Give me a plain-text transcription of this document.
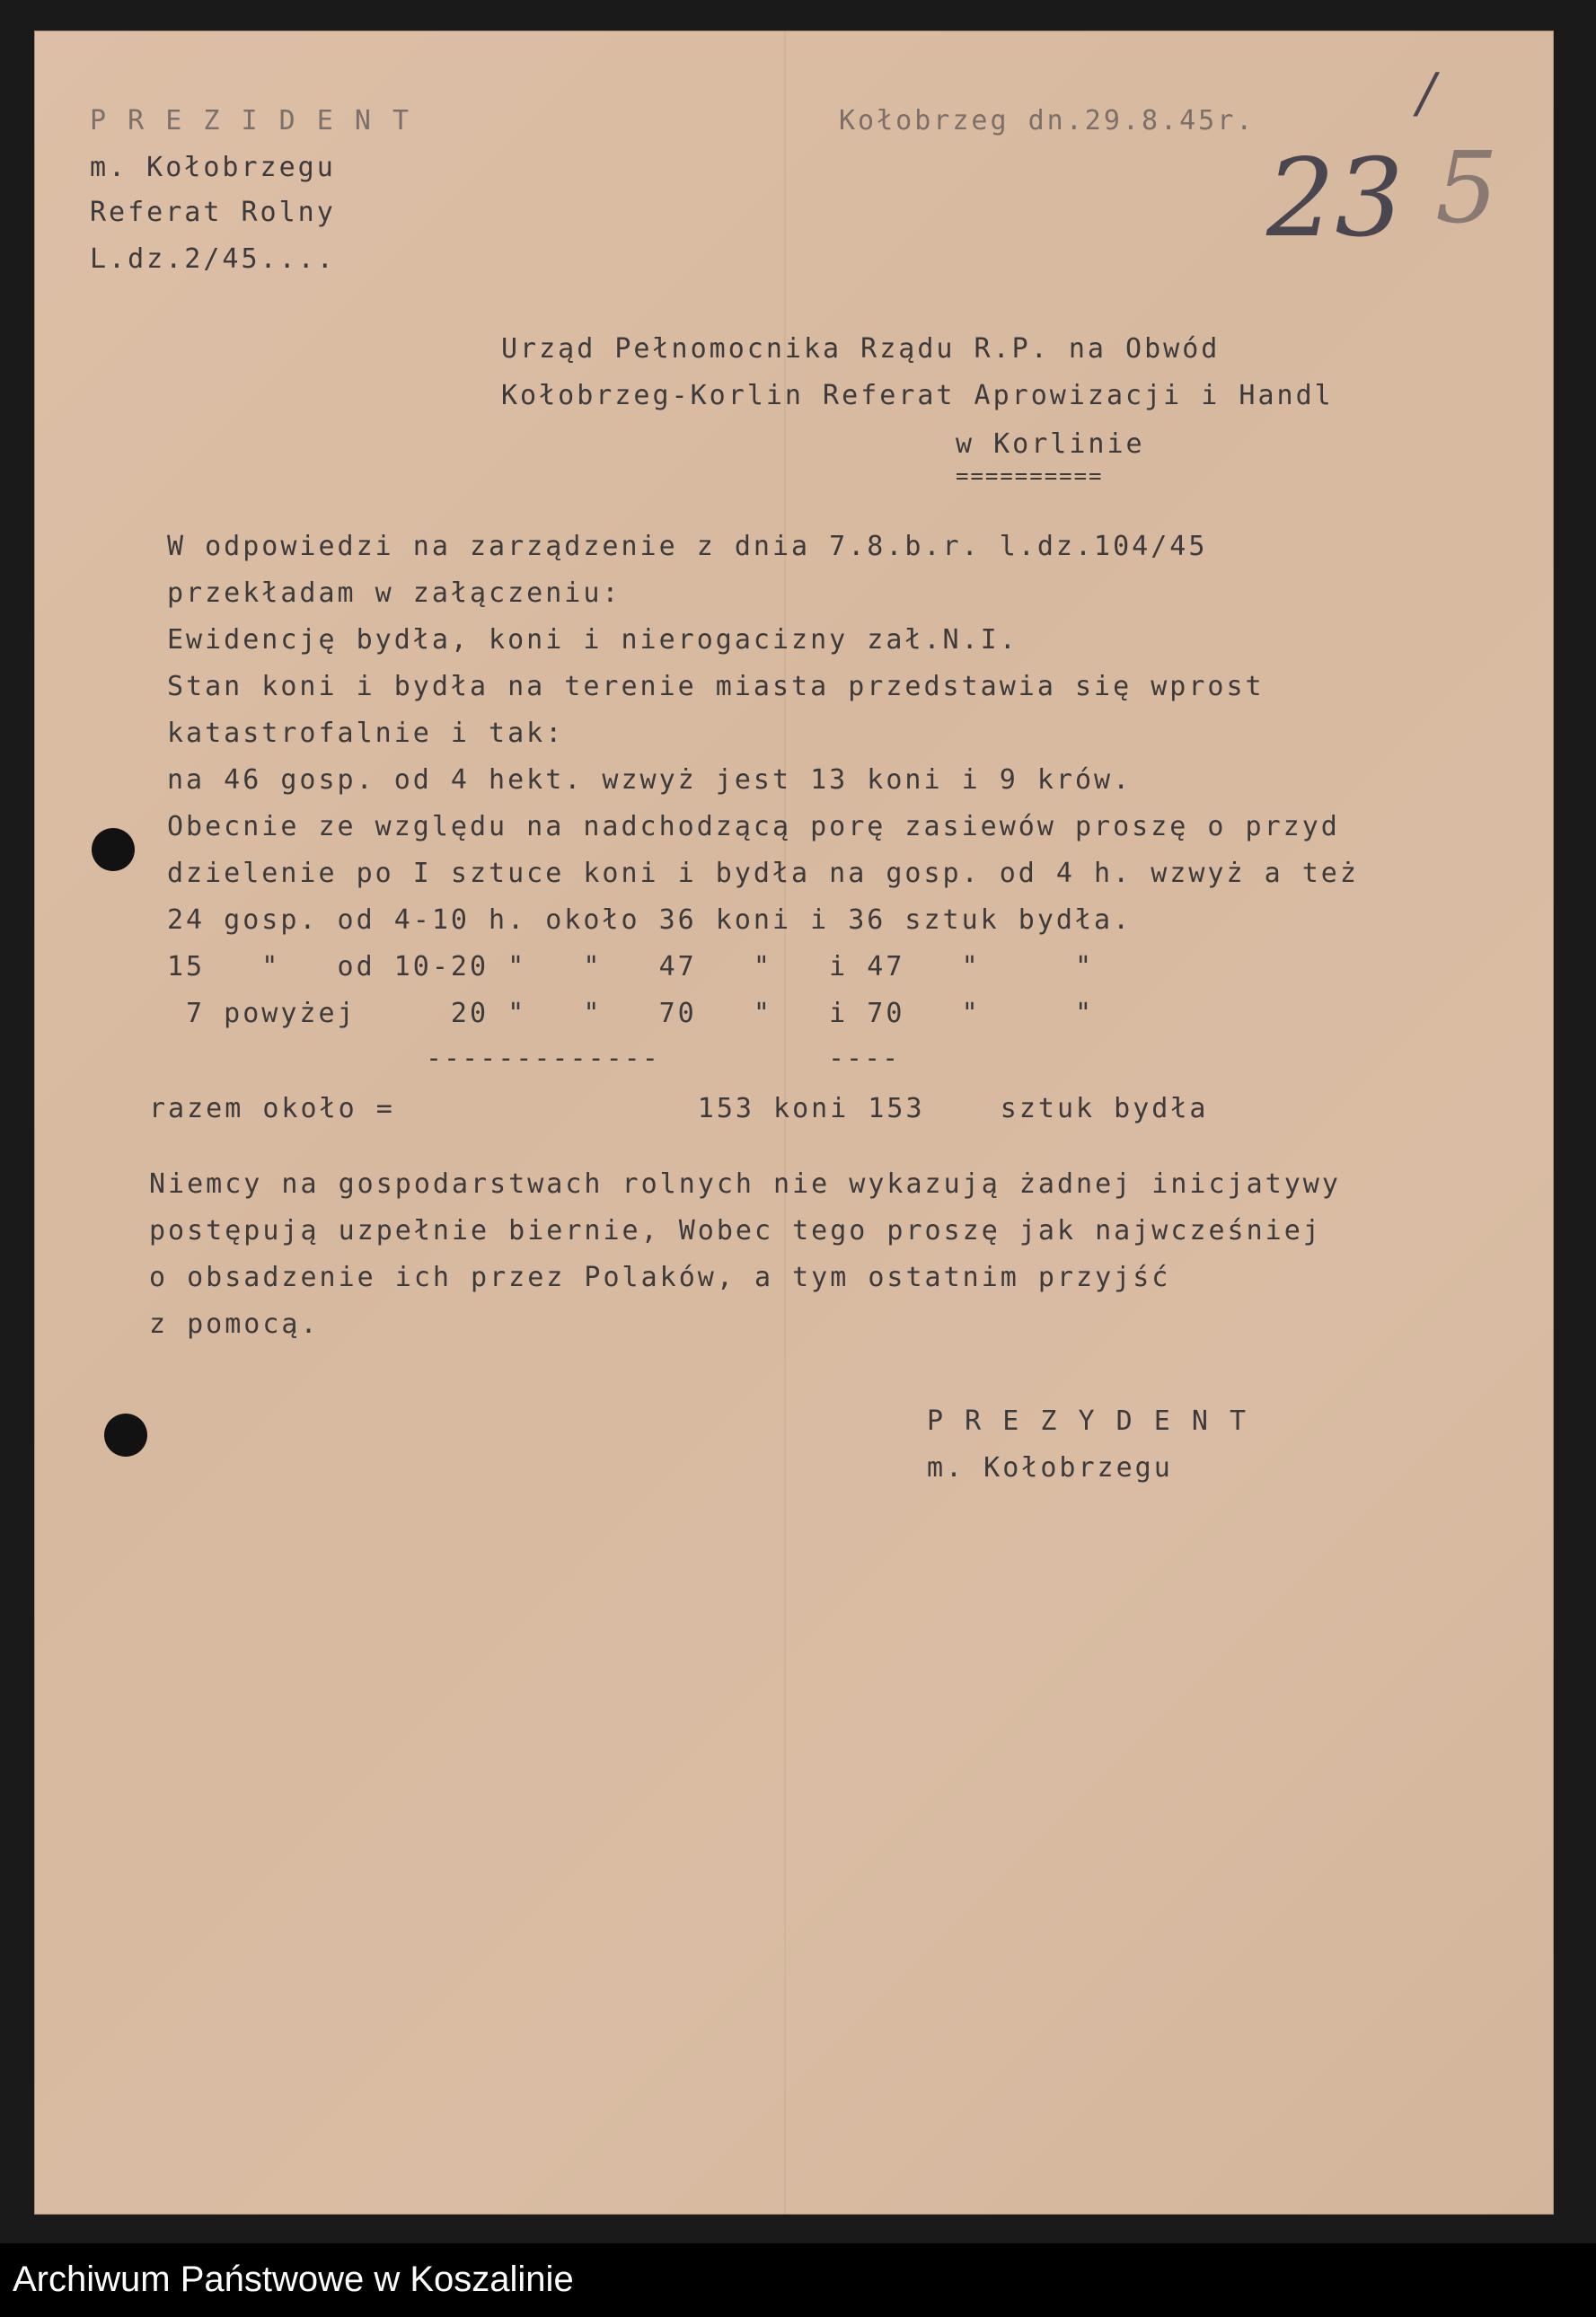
P R E Z I D E N T
m. Kołobrzegu
Referat Rolny
L.dz.2/45....
Kołobrzeg dn.29.8.45r.
23 5
/
Urząd Pełnomocnika Rządu R.P. na Obwód
Kołobrzeg-Korlin Referat Aprowizacji i Handl
w Korlinie
==========
W odpowiedzi na zarządzenie z dnia 7.8.b.r. l.dz.104/45
przekładam w załączeniu:
Ewidencję bydła, koni i nierogacizny zał.N.I.
Stan koni i bydła na terenie miasta przedstawia się wprost
katastrofalnie i tak:
na 46 gosp. od 4 hekt. wzwyż jest 13 koni i 9 krów.
Obecnie ze względu na nadchodzącą porę zasiewów proszę o przyd
dzielenie po I sztuce koni i bydła na gosp. od 4 h. wzwyż a też
24 gosp. od 4-10 h. około 36 koni i 36 sztuk bydła.
15   "   od 10-20 "   "   47   "   i 47   "     "
7 powyżej     20 "   "   70   "   i 70   "     "
-------------	----
razem około =                153 koni 153    sztuk bydła
Niemcy na gospodarstwach rolnych nie wykazują żadnej inicjatywy
postępują uzpełnie biernie, Wobec tego proszę jak najwcześniej
o obsadzenie ich przez Polaków, a tym ostatnim przyjść
z pomocą.
P R E Z Y D E N T
m. Kołobrzegu
Archiwum Państwowe w Koszalinie
